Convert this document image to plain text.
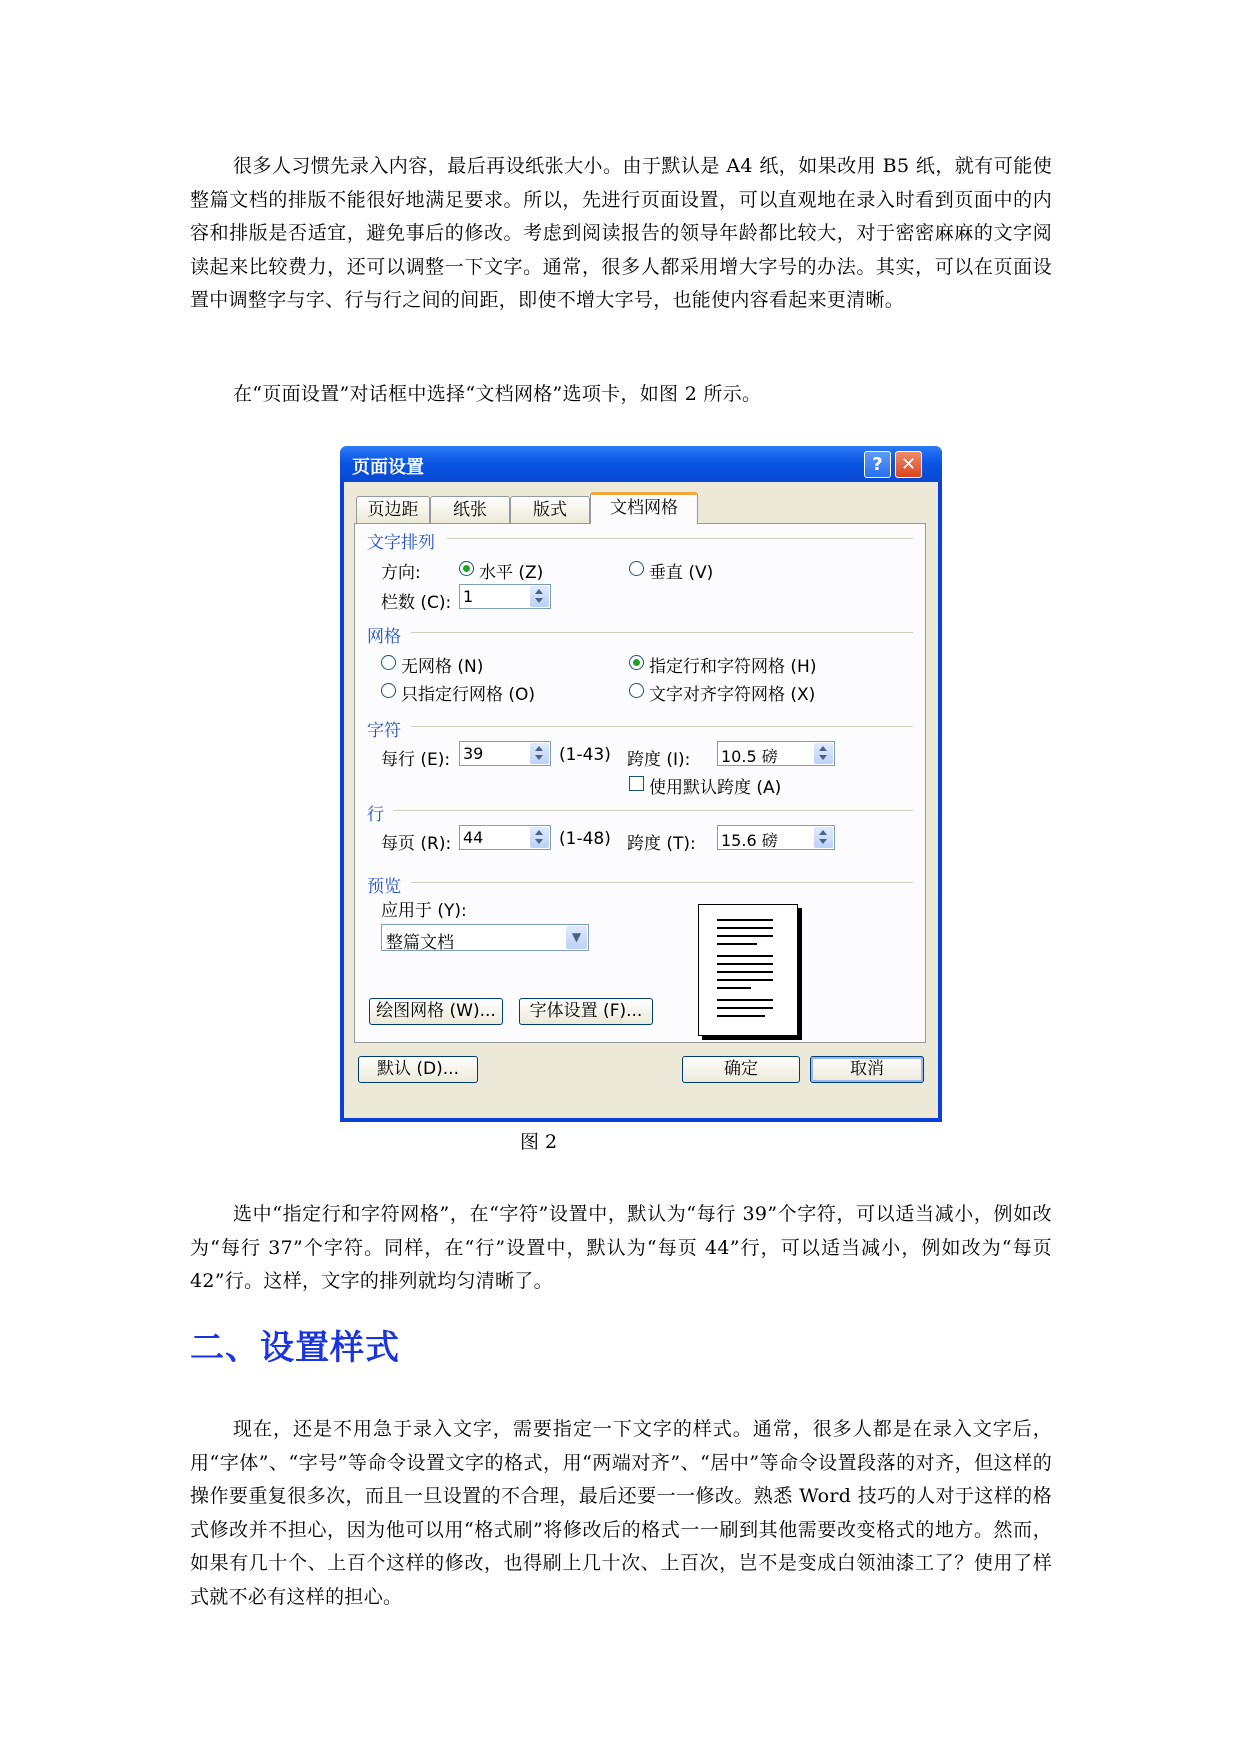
很多人习惯先录入内容，最后再设纸张大小。由于默认是 A4 纸，如果改用 B5 纸，就有可能使整篇文档的排版不能很好地满足要求。所以，先进行页面设置，可以直观地在录入时看到页面中的内容和排版是否适宜，避免事后的修改。考虑到阅读报告的领导年龄都比较大，对于密密麻麻的文字阅读起来比较费力，还可以调整一下文字。通常，很多人都采用增大字号的办法。其实，可以在页面设置中调整字与字、行与行之间的间距，即使不增大字号，也能使内容看起来更清晰。

在“页面设置”对话框中选择“文档网格”选项卡，如图 2 所示。

页面设置	?	✕
页边距	纸张	版式	文档网格
文字排列
方向:	水平 (Z)	垂直 (V)
栏数 (C): 1
网格
无网格 (N)	指定行和字符网格 (H)
只指定行网格 (O)	文字对齐字符网格 (X)
字符
每行 (E): 39	(1-43) 跨度 (I): 10.5 磅
使用默认跨度 (A)
行
每页 (R): 44	(1-48) 跨度 (T): 15.6 磅
预览
应用于 (Y):
整篇文档	▼
绘图网格 (W)...	字体设置 (F)...
默认 (D)...	确定	取消
图 2

选中“指定行和字符网格”，在“字符”设置中，默认为“每行 39”个字符，可以适当减小，例如改为“每行 37”个字符。同样，在“行”设置中，默认为“每页 44”行，可以适当减小，例如改为“每页 42”行。这样，文字的排列就均匀清晰了。

二、设置样式

现在，还是不用急于录入文字，需要指定一下文字的样式。通常，很多人都是在录入文字后，用“字体”、“字号”等命令设置文字的格式，用“两端对齐”、“居中”等命令设置段落的对齐，但这样的操作要重复很多次，而且一旦设置的不合理，最后还要一一修改。熟悉 Word 技巧的人对于这样的格式修改并不担心，因为他可以用“格式刷”将修改后的格式一一刷到其他需要改变格式的地方。然而，如果有几十个、上百个这样的修改，也得刷上几十次、上百次，岂不是变成白领油漆工了？使用了样式就不必有这样的担心。
